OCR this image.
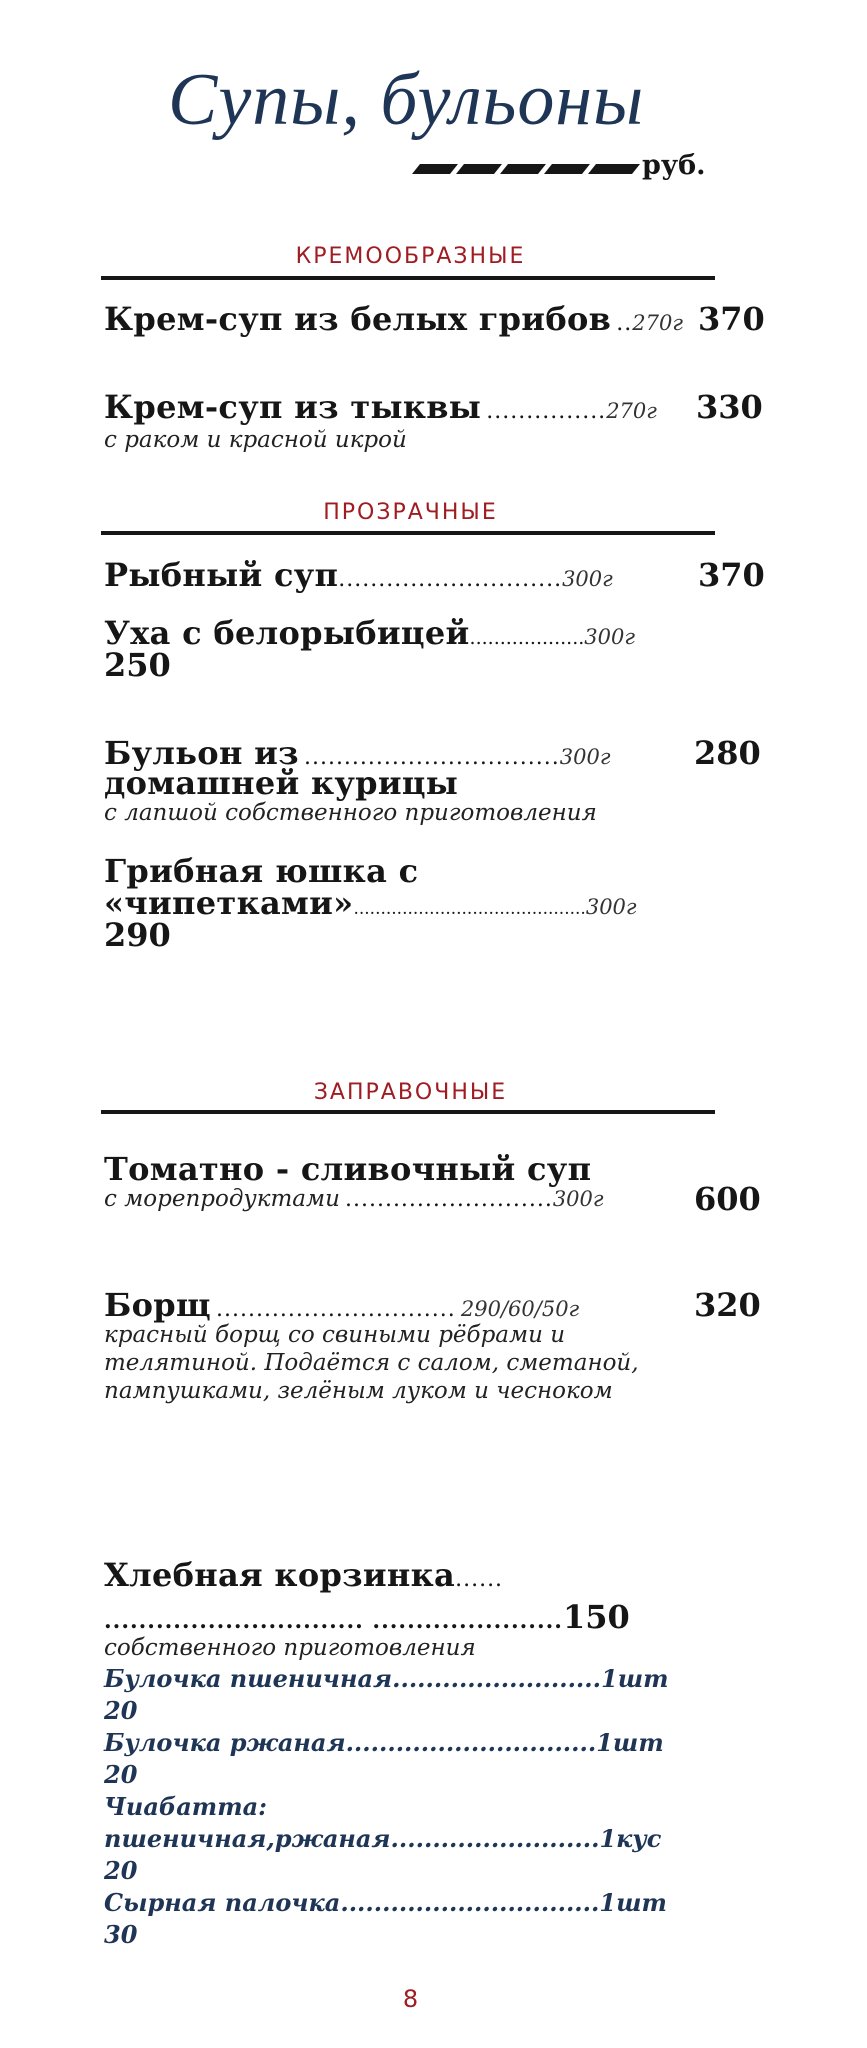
Супы, бульоны
руб.
КРЕМООБРАЗНЫЕ
Крем-суп из белых грибов ..270г 370
Крем-суп из тыквы ...............270г 330
с раком и красной икрой
ПРОЗРАЧНЫЕ
Рыбный суп............................300г	370
Уха с белорыбицей...................300г
250
Бульон из ................................300г	280
домашней курицы
с лапшой собственного приготовления
Грибная юшка с
«чипетками»...........................................300г
290
ЗАПРАВОЧНЫЕ
Томатно - сливочный суп
с морепродуктами ..........................300г	600
Борщ .............................. 290/60/50г	320
красный борщ со свиными рёбрами и
телятиной. Подаётся с салом, сметаной,
пампушками, зелёным луком и чесноком
Хлебная корзинка......
.............................. ......................150
собственного приготовления
Булочка пшеничная.........................1шт
20
Булочка ржаная..............................1шт
20
Чиабатта:
пшеничная,ржаная.........................1кус
20
Сырная палочка...............................1шт
30
8
